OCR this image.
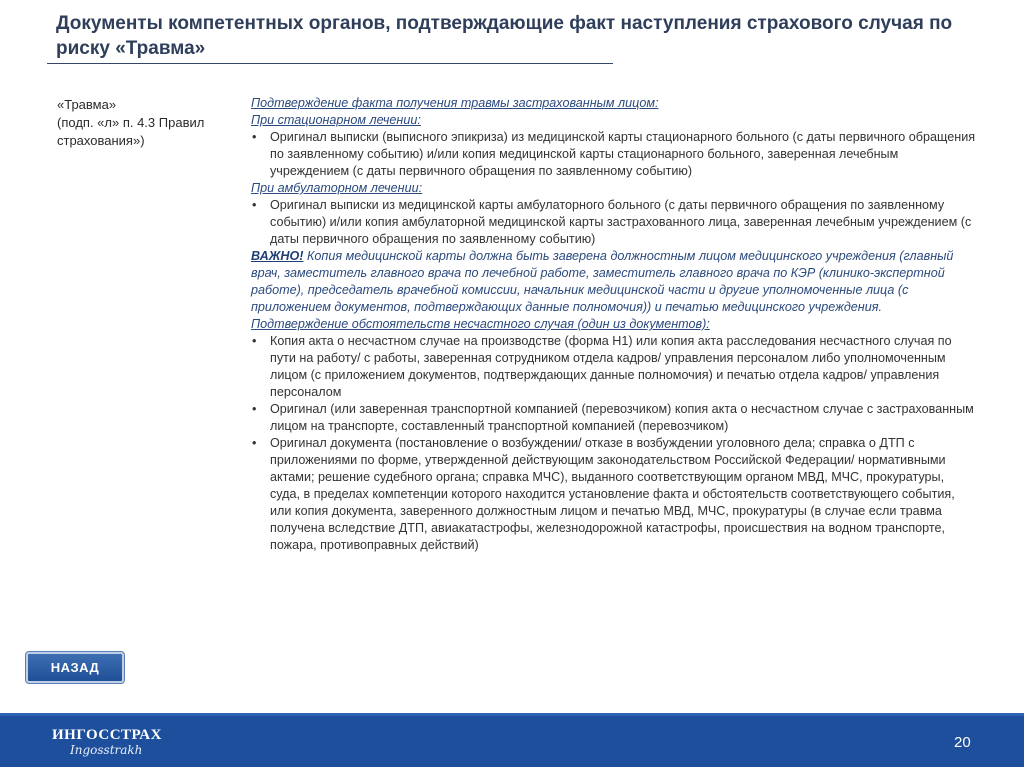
Документы компетентных органов, подтверждающие факт наступления страхового случая по риску «Травма»
«Травма»
(подп. «л» п. 4.3 Правил
страхования»)
Подтверждение факта получения травмы застрахованным лицом:
При стационарном лечении:
•	Оригинал выписки (выписного эпикриза) из медицинской карты стационарного больного (с даты первичного обращения по заявленному событию) и/или копия медицинской карты стационарного больного, заверенная лечебным учреждением (с даты первичного обращения по заявленному событию)
При амбулаторном лечении:
•	Оригинал выписки из медицинской карты амбулаторного больного (с даты первичного обращения по заявленному событию) и/или копия амбулаторной медицинской карты застрахованного лица, заверенная лечебным учреждением (с даты первичного обращения по заявленному событию)
ВАЖНО! Копия медицинской карты должна быть заверена должностным лицом медицинского учреждения (главный врач, заместитель главного врача по лечебной работе, заместитель главного врача по КЭР (клинико-экспертной работе), председатель врачебной комиссии, начальник медицинской части и другие уполномоченные лица (с приложением документов, подтверждающих данные полномочия)) и печатью медицинского учреждения.
Подтверждение обстоятельств несчастного случая (один из документов):
•	Копия акта о несчастном случае на производстве (форма Н1) или копия акта расследования несчастного случая по пути на работу/ с работы, заверенная сотрудником отдела кадров/ управления персоналом либо уполномоченным лицом (с приложением документов, подтверждающих данные полномочия) и печатью отдела кадров/ управления персоналом
•	Оригинал (или заверенная транспортной компанией (перевозчиком) копия акта о несчастном случае с застрахованным лицом на транспорте, составленный транспортной компанией (перевозчиком)
•	Оригинал документа (постановление о возбуждении/ отказе в возбуждении уголовного дела; справка о ДТП с приложениями по форме, утвержденной действующим законодательством Российской Федерации/ нормативными актами; решение судебного органа; справка МЧС), выданного соответствующим органом МВД, МЧС, прокуратуры, суда, в пределах компетенции которого находится установление факта и обстоятельств соответствующего события, или копия документа, заверенного должностным лицом и печатью МВД, МЧС, прокуратуры (в случае если травма получена вследствие ДТП, авиакатастрофы, железнодорожной катастрофы, происшествия на водном транспорте, пожара, противоправных действий)
НАЗАД
ИНГОССТРАХ
Ingosstrakh	20
